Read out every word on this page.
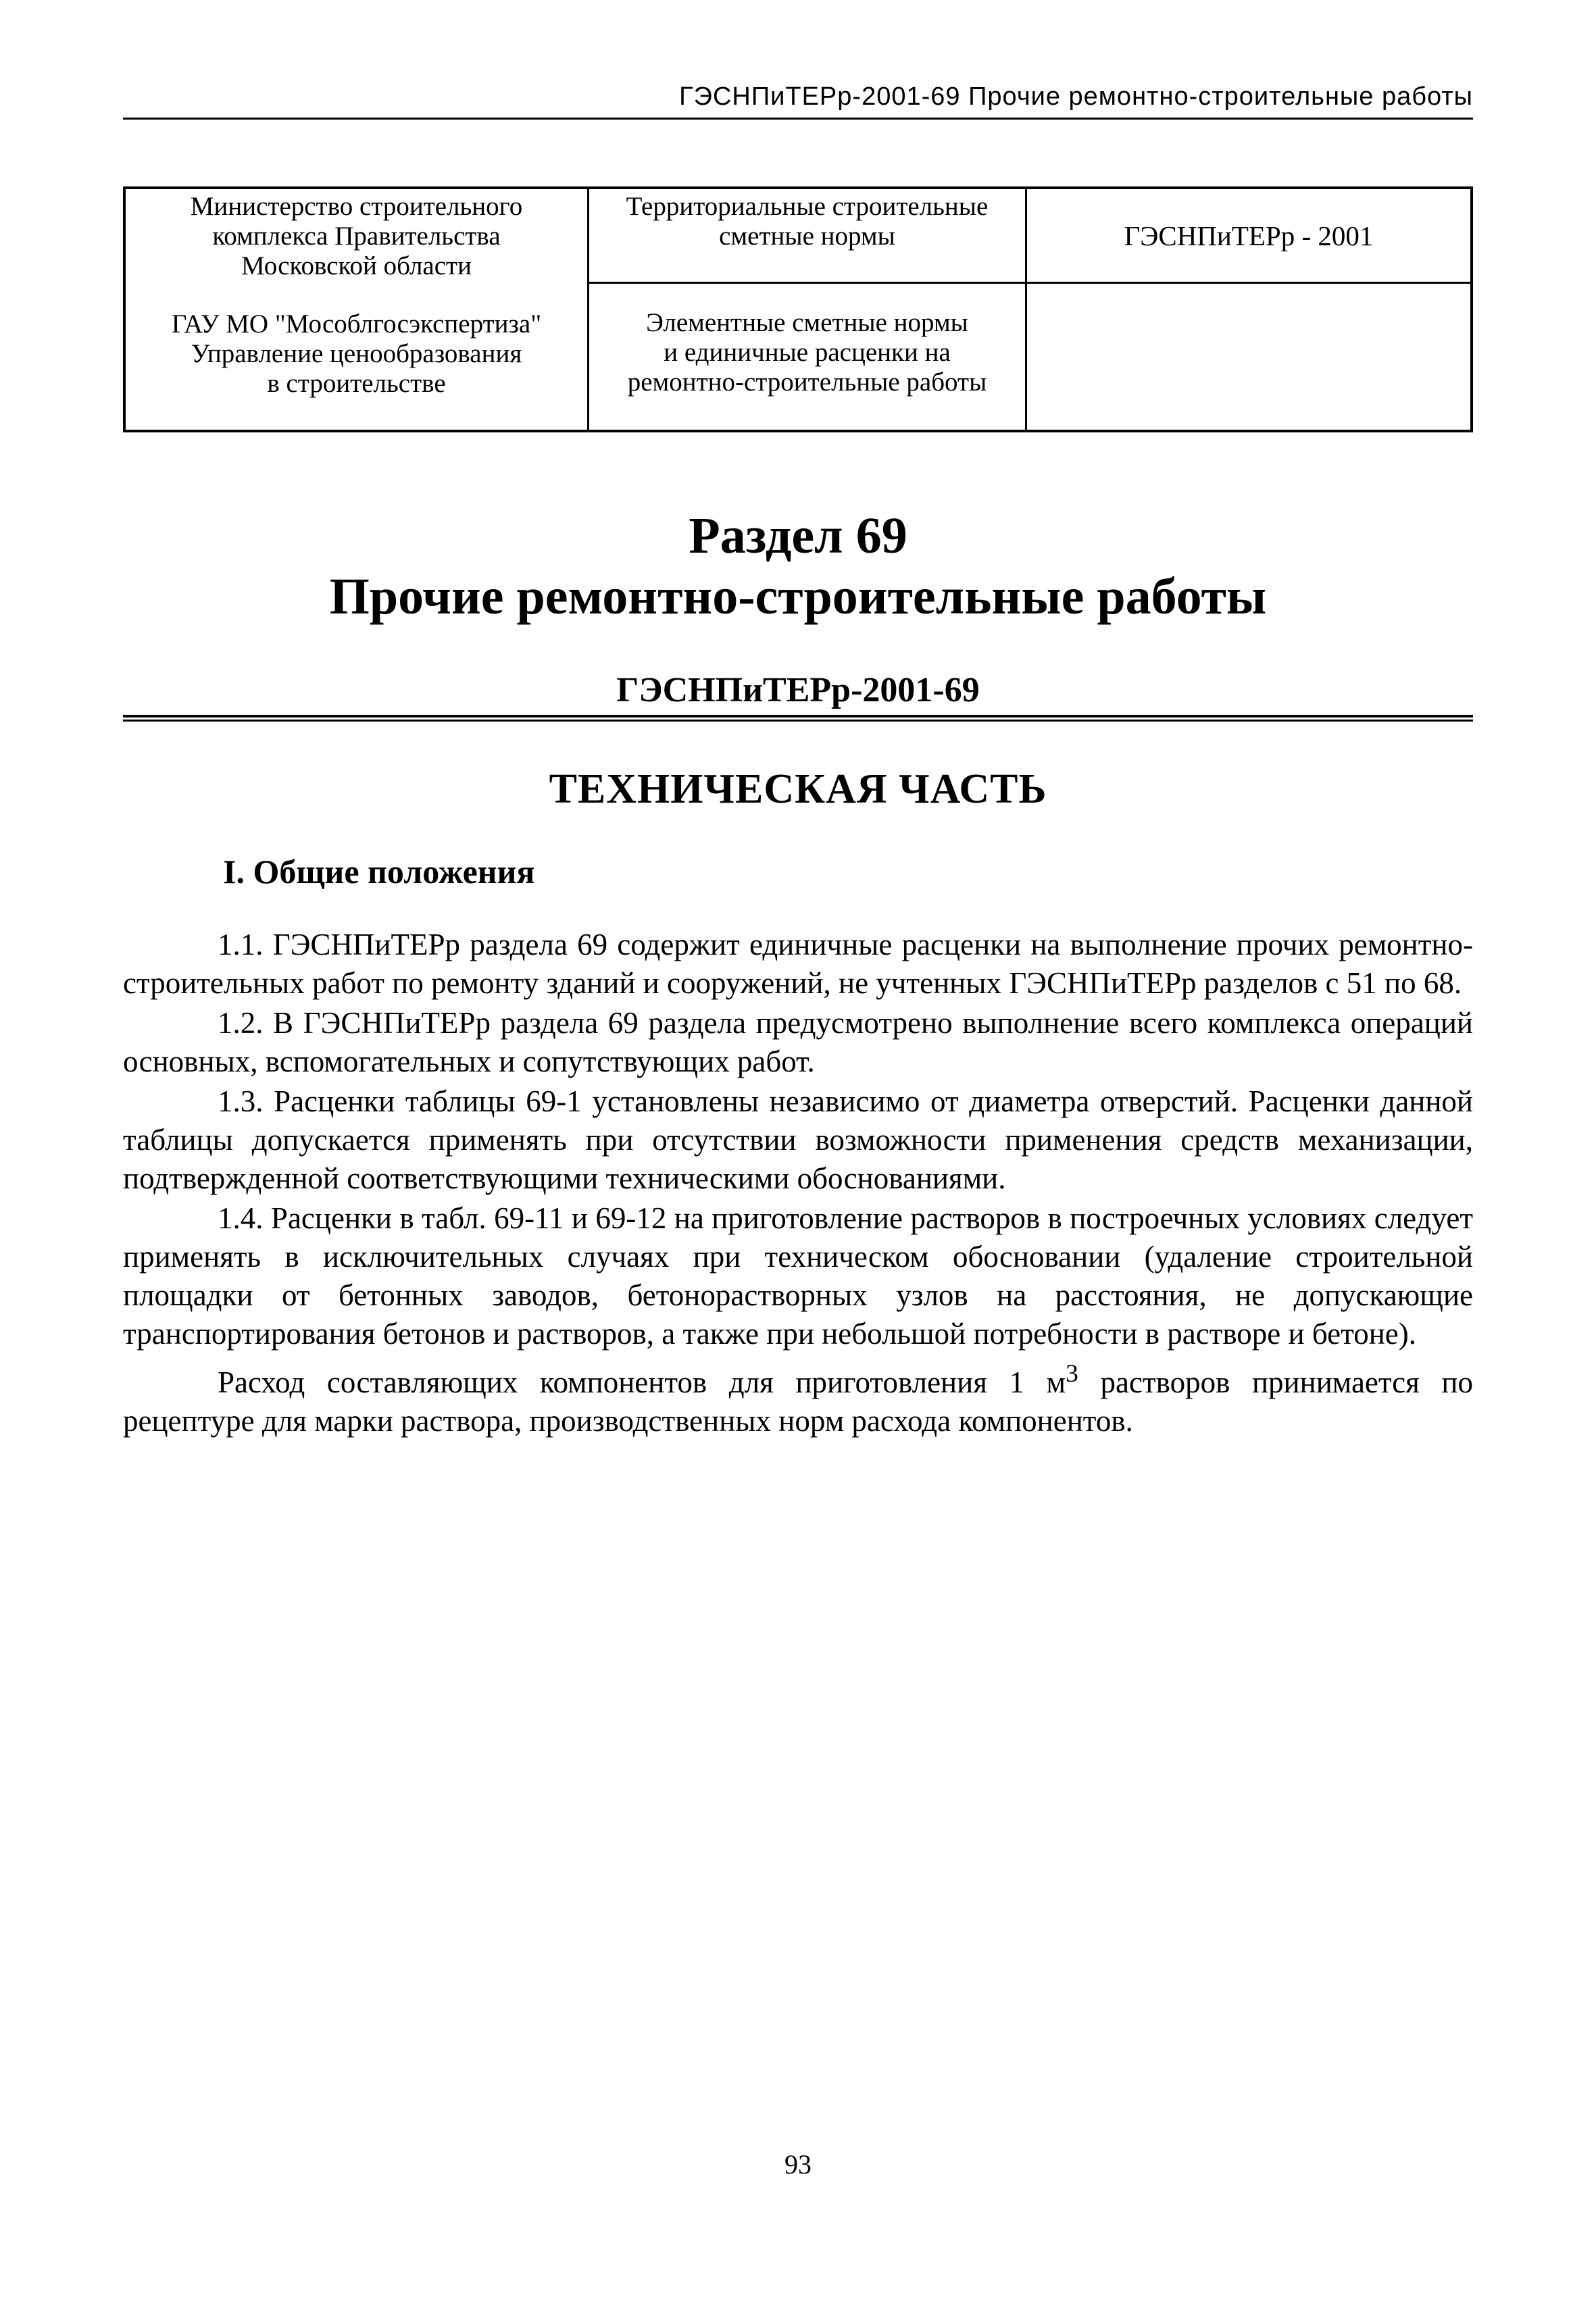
ГЭСНПиТЕРр-2001-69 Прочие ремонтно-строительные работы
Министерство строительного
комплекса Правительства
Московской области
ГАУ МО "Мособлгосэкспертиза"
Управление ценообразования
в строительстве
Территориальные строительные
сметные нормы
Элементные сметные нормы
и единичные расценки на
ремонтно-строительные работы
ГЭСНПиТЕРр - 2001
Раздел 69
Прочие ремонтно-строительные работы
ГЭСНПиТЕРр-2001-69
ТЕХНИЧЕСКАЯ ЧАСТЬ
I. Общие положения

1.1. ГЭСНПиТЕРр раздела 69 содержит единичные расценки на выполнение прочих ремонтно-строительных работ по ремонту зданий и сооружений, не учтенных ГЭСНПиТЕРр разделов с 51 по 68.

1.2. В ГЭСНПиТЕРр раздела 69 раздела предусмотрено выполнение всего комплекса операций основных, вспомогательных и сопутствующих работ.

1.3. Расценки таблицы 69-1 установлены независимо от диаметра отверстий. Расценки данной таблицы допускается применять при отсутствии возможности применения средств механизации, подтвержденной соответствующими техническими обоснованиями.

1.4. Расценки в табл. 69-11 и 69-12 на приготовление растворов в построечных условиях следует применять в исключительных случаях при техническом обосновании (удаление строительной площадки от бетонных заводов, бетонорастворных узлов на расстояния, не допускающие транспортирования бетонов и растворов, а также при небольшой потребности в растворе и бетоне).

Расход составляющих компонентов для приготовления 1 $м^3$ растворов принимается по рецептуре для марки раствора, производственных норм расхода компонентов.

93
